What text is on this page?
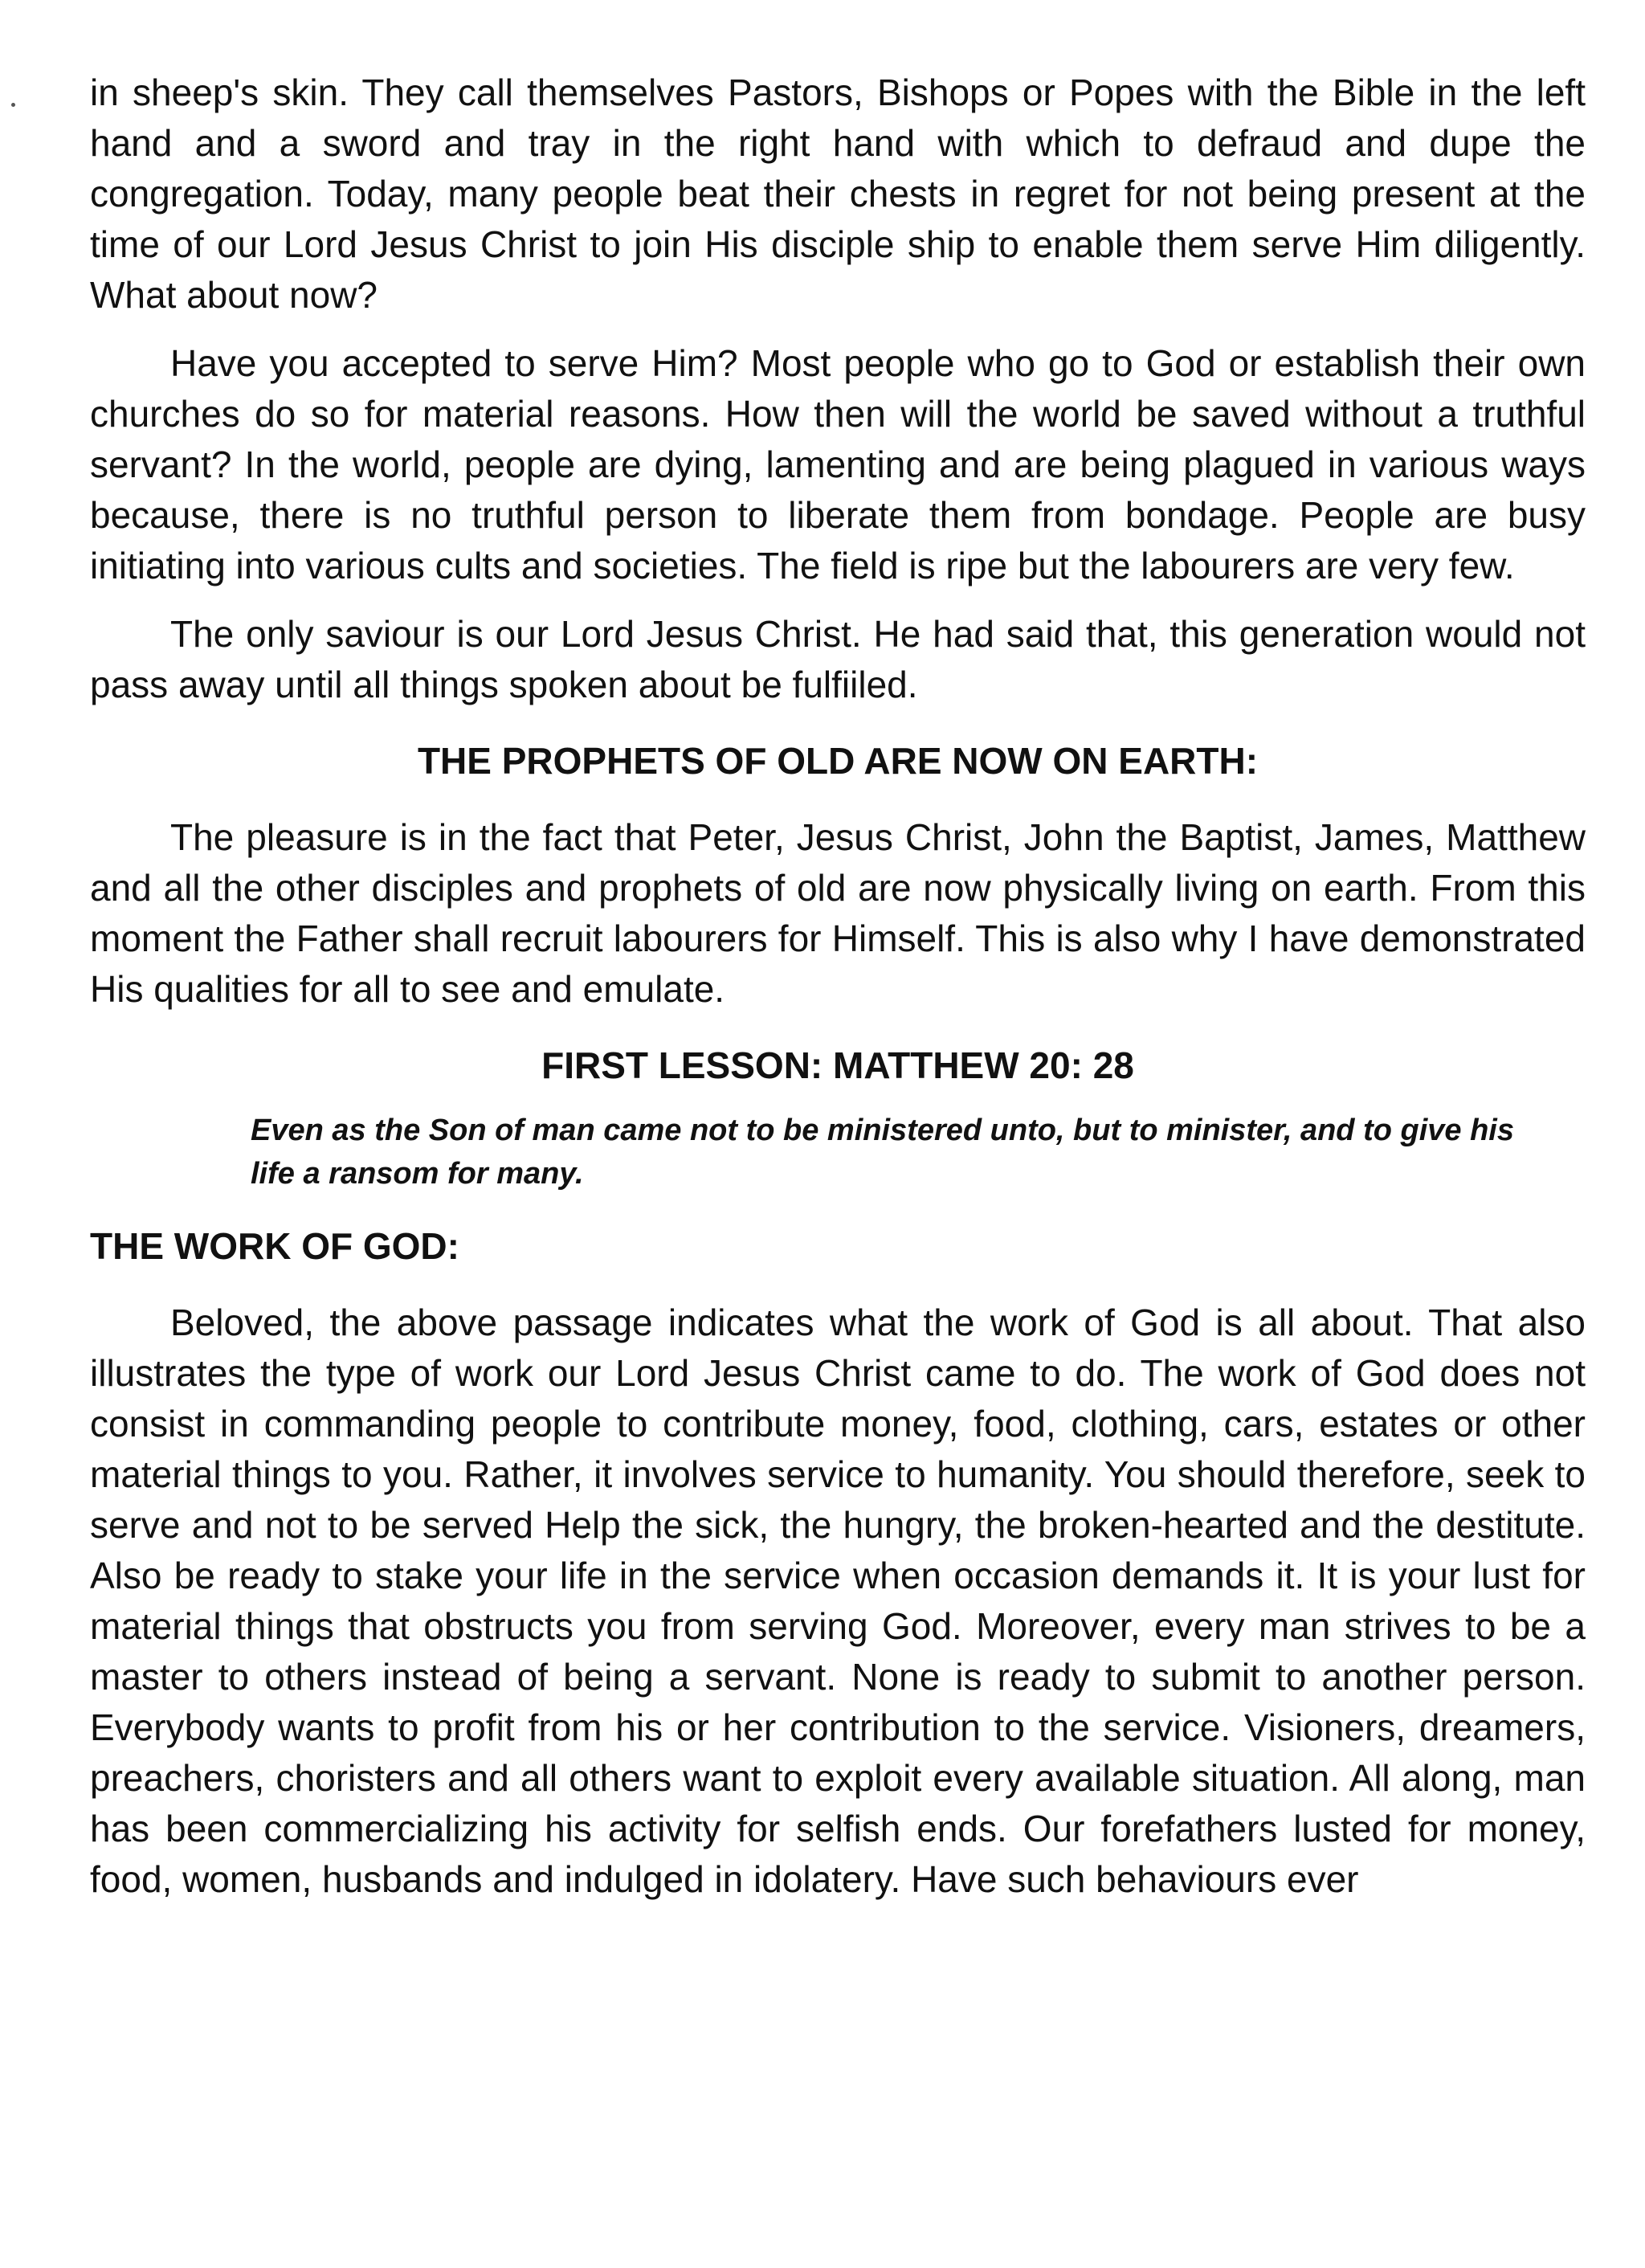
in sheep's skin. They call themselves Pastors, Bishops or Popes with the Bible in the left hand and a sword and tray in the right hand with which to defraud and dupe the congregation. Today, many people beat their chests in regret for not being present at the time of our Lord Jesus Christ to join His disciple ship to enable them serve Him diligently. What about now?

Have you accepted to serve Him? Most people who go to God or establish their own churches do so for material reasons. How then will the world be saved without a truthful servant? In the world, people are dying, lamenting and are being plagued in various ways because, there is no truthful person to liberate them from bondage. People are busy initiating into various cults and societies. The field is ripe but the labourers are very few.

The only saviour is our Lord Jesus Christ. He had said that, this generation would not pass away until all things spoken about be fulfiiled.

THE PROPHETS OF OLD ARE NOW ON EARTH:

The pleasure is in the fact that Peter, Jesus Christ, John the Baptist, James, Matthew and all the other disciples and prophets of old are now physically living on earth. From this moment the Father shall recruit labourers for Himself. This is also why I have demonstrated His qualities for all to see and emulate.

FIRST LESSON: MATTHEW 20: 28

Even as the Son of man came not to be ministered unto, but to minister, and to give his life a ransom for many.

THE WORK OF GOD:

Beloved, the above passage indicates what the work of God is all about. That also illustrates the type of work our Lord Jesus Christ came to do. The work of God does not consist in commanding people to contribute money, food, clothing, cars, estates or other material things to you. Rather, it involves service to humanity. You should therefore, seek to serve and not to be served Help the sick, the hungry, the broken-hearted and the destitute. Also be ready to stake your life in the service when occasion demands it. It is your lust for material things that obstructs you from serving God. Moreover, every man strives to be a master to others instead of being a servant. None is ready to submit to another person. Everybody wants to profit from his or her contribution to the service. Visioners, dreamers, preachers, choristers and all others want to exploit every available situation. All along, man has been commercializing his activity for selfish ends. Our forefathers lusted for money, food, women, husbands and indulged in idolatery. Have such behaviours ever
